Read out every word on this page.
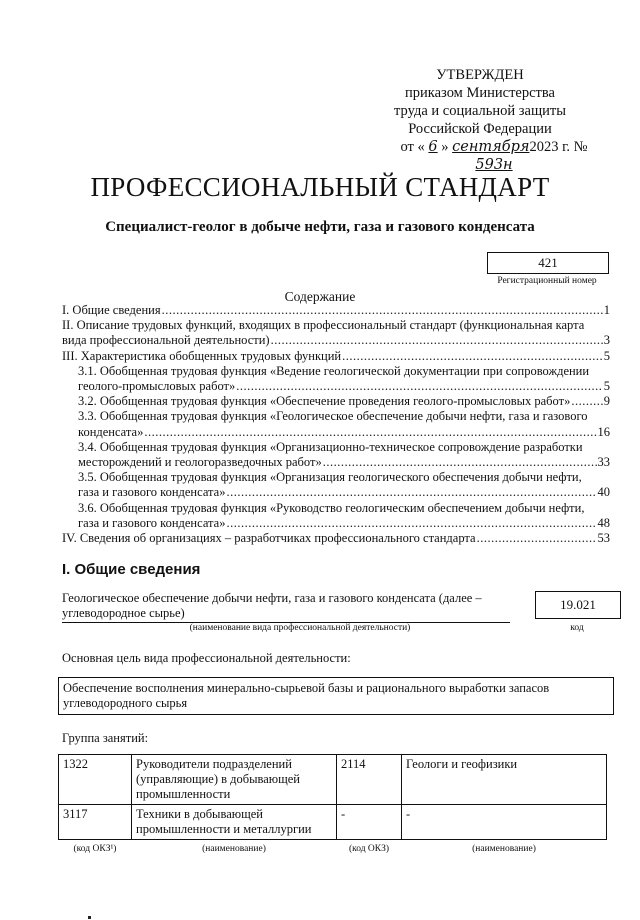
УТВЕРЖДЕН
приказом Министерства
труда и социальной защиты
Российской Федерации
от « 6 » сентября2023 г. № 593н
ПРОФЕССИОНАЛЬНЫЙ СТАНДАРТ
Специалист-геолог в добыче нефти, газа и газового конденсата
421
Регистрационный номер
Содержание
I. Общие сведения .....	1
II. Описание трудовых функций, входящих в профессиональный стандарт (функциональная карта
вида профессиональной деятельности) .....	3
III. Характеристика обобщенных трудовых функций .....	5
3.1. Обобщенная трудовая функция «Ведение геологической документации при сопровождении
геолого-промысловых работ» .....	5
3.2. Обобщенная трудовая функция «Обеспечение проведения геолого-промысловых работ» .....	9
3.3. Обобщенная трудовая функция «Геологическое обеспечение добычи нефти, газа и газового
конденсата» .....	16
3.4. Обобщенная трудовая функция «Организационно-техническое сопровождение разработки
месторождений и геологоразведочных работ» .....	33
3.5. Обобщенная трудовая функция «Организация геологического обеспечения добычи нефти,
газа и газового конденсата» .....	40
3.6. Обобщенная трудовая функция «Руководство геологическим обеспечением добычи нефти,
газа и газового конденсата» .....	48
IV. Сведения об организациях – разработчиках профессионального стандарта .....	53
I. Общие сведения
Геологическое обеспечение добычи нефти, газа и газового конденсата (далее – углеводородное сырье)
19.021
(наименование вида профессиональной деятельности)	код
Основная цель вида профессиональной деятельности:
Обеспечение восполнения минерально-сырьевой базы и рационального выработки запасов углеводородного сырья
Группа занятий:
1322	Руководители подразделений (управляющие) в добывающей промышленности	2114	Геологи и геофизики
3117	Техники в добывающей промышленности и металлургии	-	-
(код ОКЗ¹)	(наименование)	(код ОКЗ)	(наименование)
